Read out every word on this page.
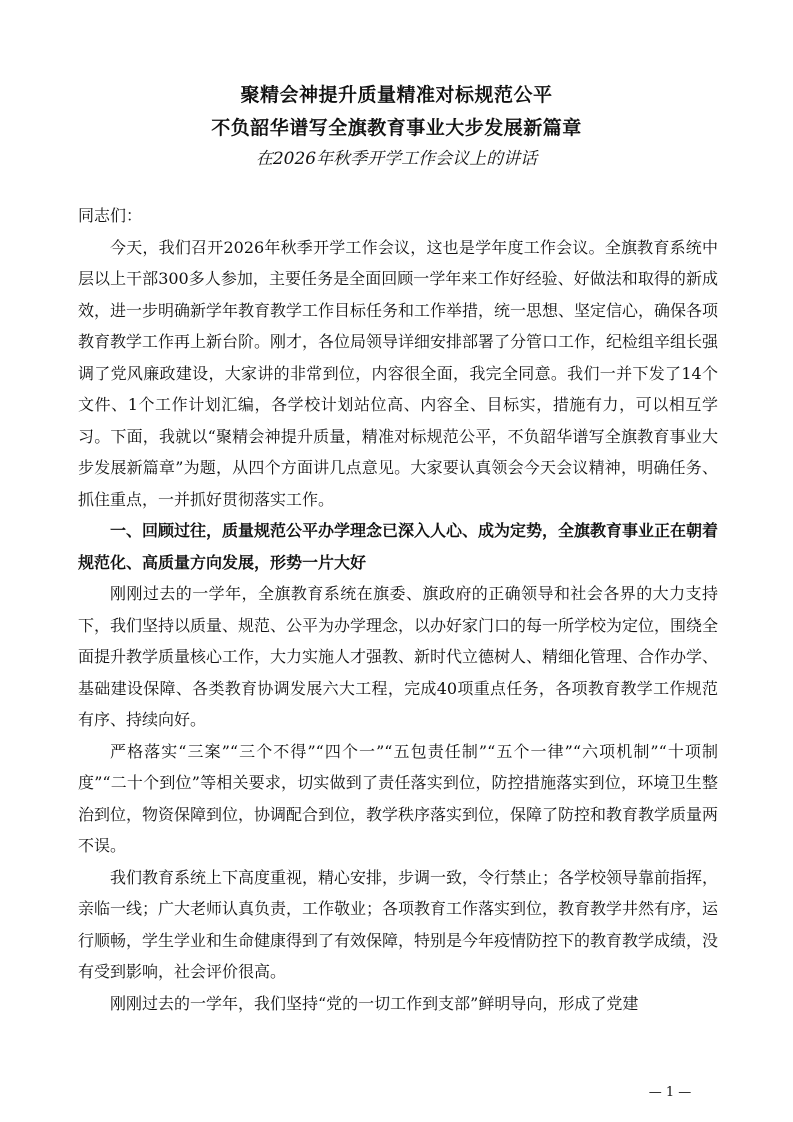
聚精会神提升质量精准对标规范公平
不负韶华谱写全旗教育事业大步发展新篇章
在2026年秋季开学工作会议上的讲话

同志们：

今天，我们召开2026年秋季开学工作会议，这也是学年度工作会议。全旗教育系统中层以上干部300多人参加，主要任务是全面回顾一学年来工作好经验、好做法和取得的新成效，进一步明确新学年教育教学工作目标任务和工作举措，统一思想、坚定信心，确保各项教育教学工作再上新台阶。刚才，各位局领导详细安排部署了分管口工作，纪检组辛组长强调了党风廉政建设，大家讲的非常到位，内容很全面，我完全同意。我们一并下发了14个文件、1个工作计划汇编，各学校计划站位高、内容全、目标实，措施有力，可以相互学习。下面，我就以“聚精会神提升质量，精准对标规范公平，不负韶华谱写全旗教育事业大步发展新篇章”为题，从四个方面讲几点意见。大家要认真领会今天会议精神，明确任务、抓住重点，一并抓好贯彻落实工作。

一、回顾过往，质量规范公平办学理念已深入人心、成为定势，全旗教育事业正在朝着规范化、高质量方向发展，形势一片大好

刚刚过去的一学年，全旗教育系统在旗委、旗政府的正确领导和社会各界的大力支持下，我们坚持以质量、规范、公平为办学理念，以办好家门口的每一所学校为定位，围绕全面提升教学质量核心工作，大力实施人才强教、新时代立德树人、精细化管理、合作办学、基础建设保障、各类教育协调发展六大工程，完成40项重点任务，各项教育教学工作规范有序、持续向好。

严格落实“三案”“三个不得”“四个一”“五包责任制”“五个一律”“六项机制”“十项制度”“二十个到位”等相关要求，切实做到了责任落实到位，防控措施落实到位，环境卫生整治到位，物资保障到位，协调配合到位，教学秩序落实到位，保障了防控和教育教学质量两不误。

我们教育系统上下高度重视，精心安排，步调一致，令行禁止；各学校领导靠前指挥，亲临一线；广大老师认真负责，工作敬业；各项教育工作落实到位，教育教学井然有序，运行顺畅，学生学业和生命健康得到了有效保障，特别是今年疫情防控下的教育教学成绩，没有受到影响，社会评价很高。

刚刚过去的一学年，我们坚持“党的一切工作到支部”鲜明导向，形成了党建

— 1 —
